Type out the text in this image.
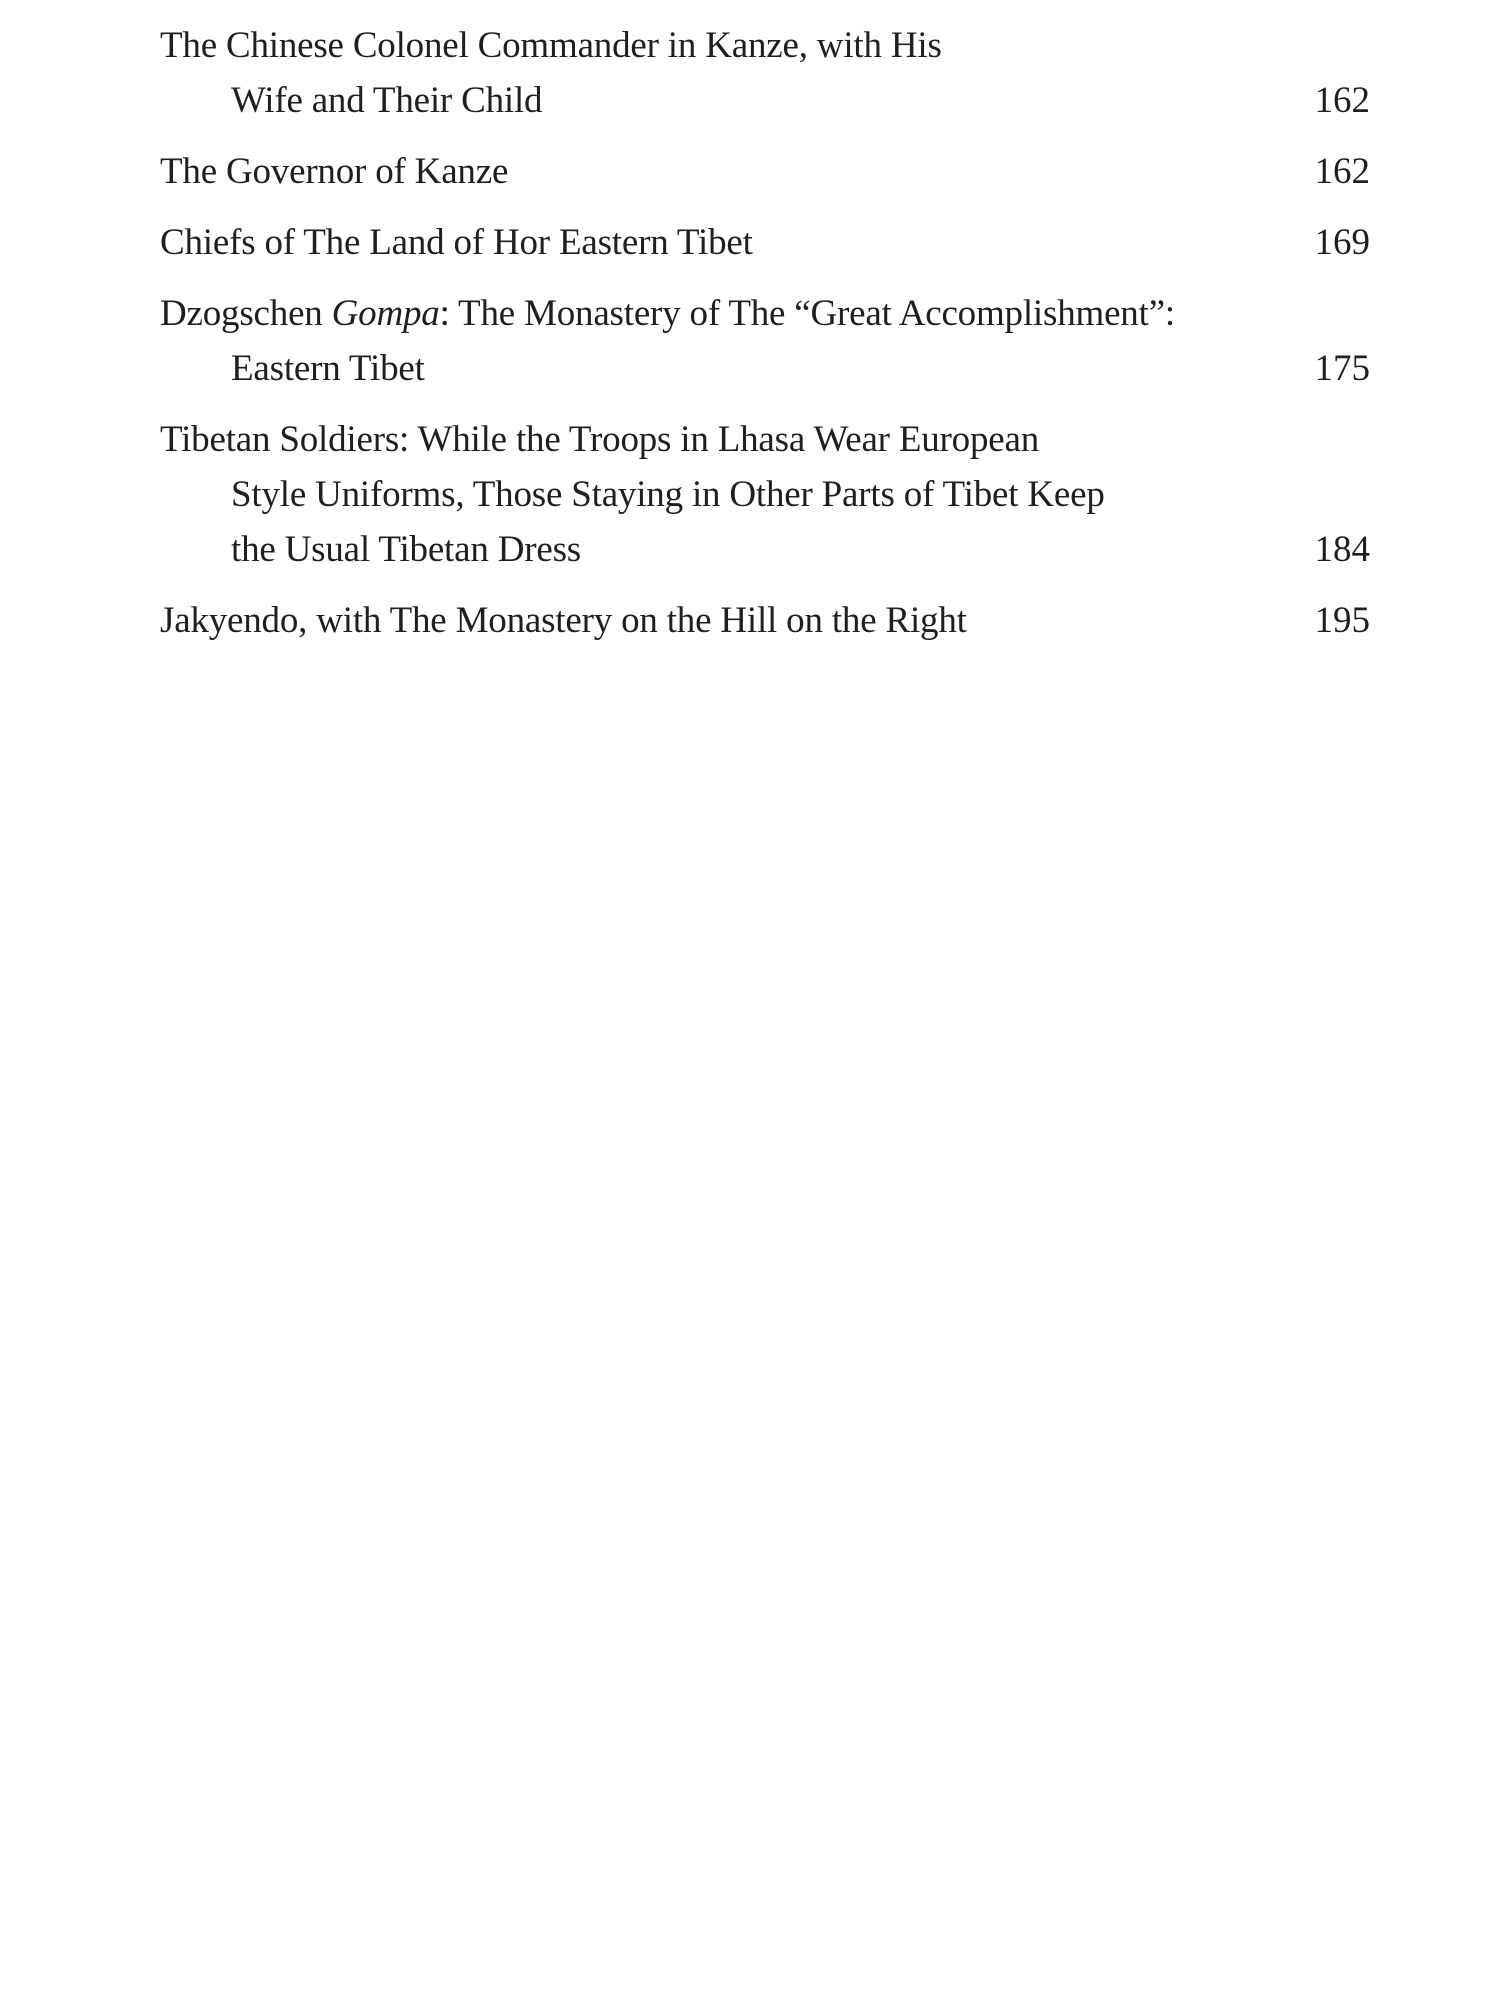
The Chinese Colonel Commander in Kanze, with His
Wife and Their Child	162
The Governor of Kanze	162
Chiefs of The Land of Hor Eastern Tibet	169
Dzogschen Gompa: The Monastery of The “Great Accomplishment”:
Eastern Tibet	175
Tibetan Soldiers: While the Troops in Lhasa Wear European
Style Uniforms, Those Staying in Other Parts of Tibet Keep
the Usual Tibetan Dress	184
Jakyendo, with The Monastery on the Hill on the Right	195
